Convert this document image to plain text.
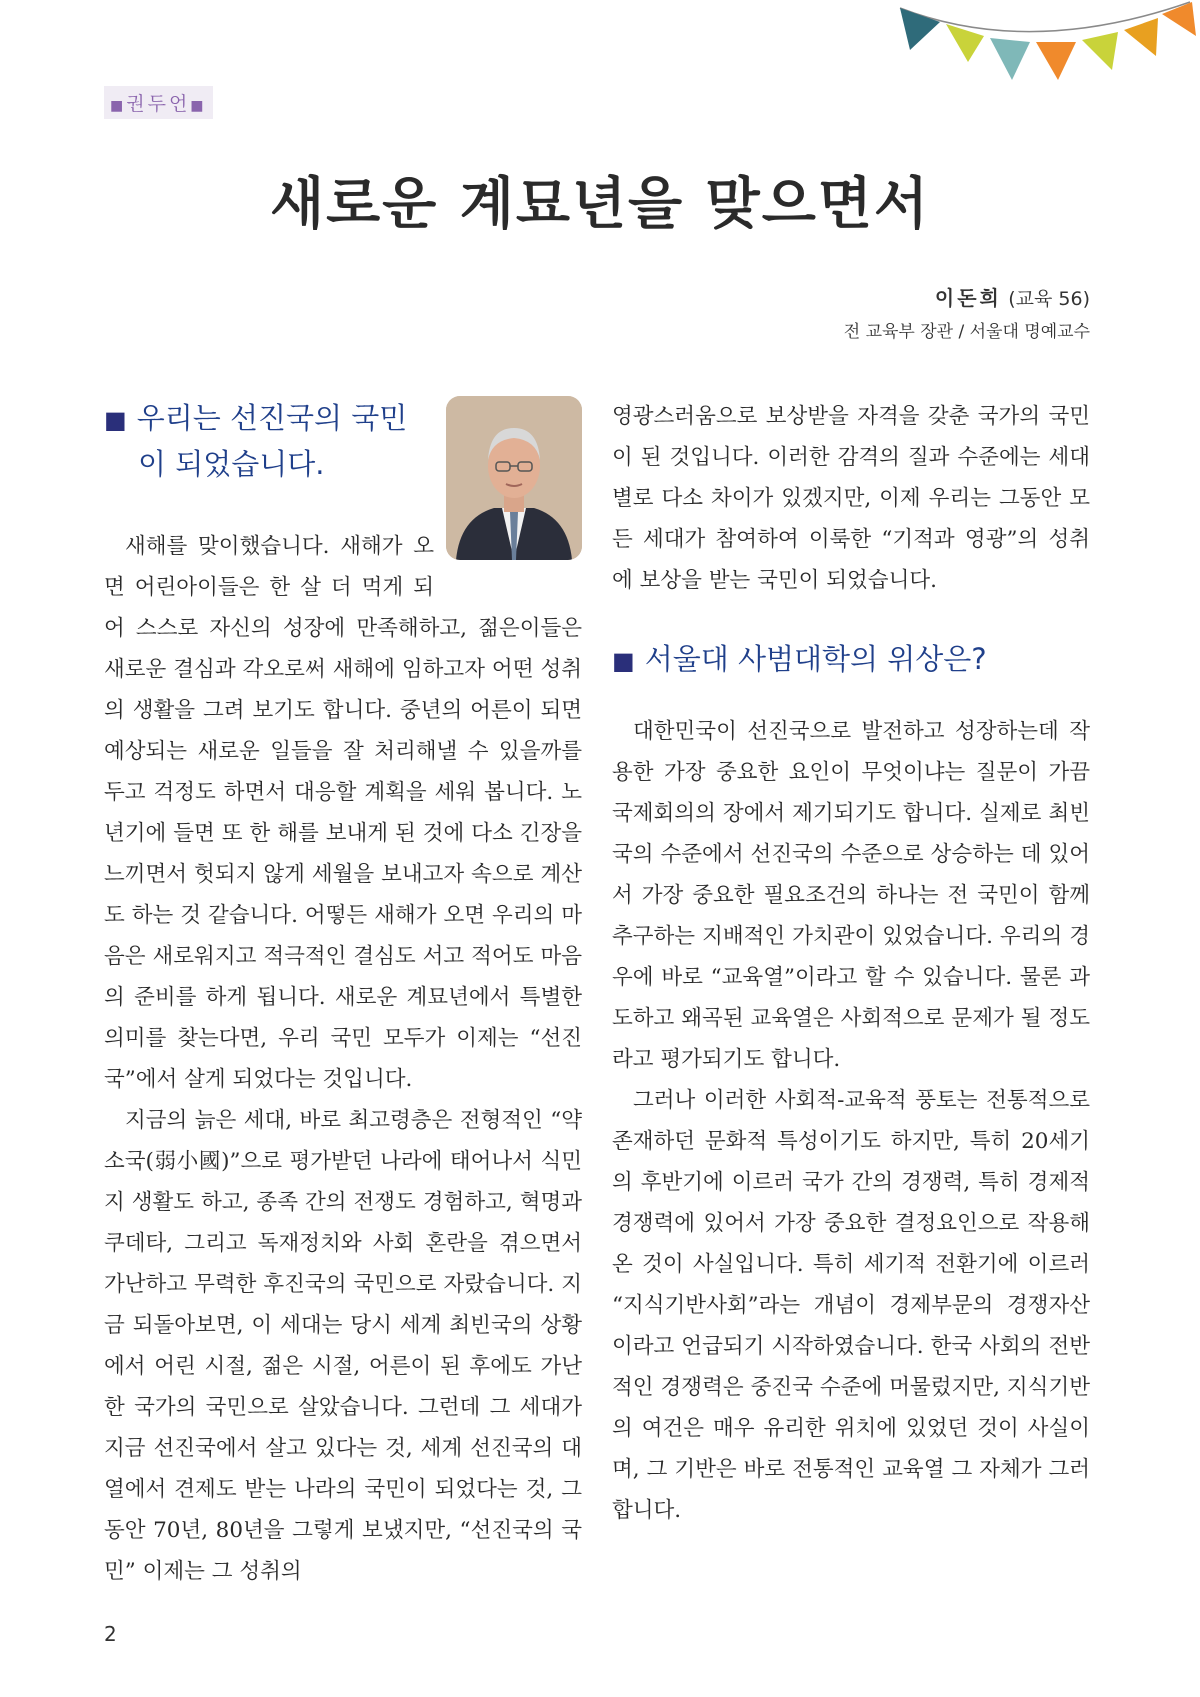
■권두언■
새로운 계묘년을 맞으면서
이돈희 (교육 56)
전 교육부 장관 / 서울대 명예교수
■ 우리는 선진국의 국민이 되었습니다.

새해를 맞이했습니다. 새해가 오면 어린아이들은 한 살 더 먹게 되어 스스로 자신의 성장에 만족해하고, 젊은이들은 새로운 결심과 각오로써 새해에 임하고자 어떤 성취의 생활을 그려 보기도 합니다. 중년의 어른이 되면 예상되는 새로운 일들을 잘 처리해낼 수 있을까를 두고 걱정도 하면서 대응할 계획을 세워 봅니다. 노년기에 들면 또 한 해를 보내게 된 것에 다소 긴장을 느끼면서 헛되지 않게 세월을 보내고자 속으로 계산도 하는 것 같습니다. 어떻든 새해가 오면 우리의 마음은 새로워지고 적극적인 결심도 서고 적어도 마음의 준비를 하게 됩니다. 새로운 계묘년에서 특별한 의미를 찾는다면, 우리 국민 모두가 이제는 “선진국”에서 살게 되었다는 것입니다.

지금의 늙은 세대, 바로 최고령층은 전형적인 “약소국(弱小國)”으로 평가받던 나라에 태어나서 식민지 생활도 하고, 종족 간의 전쟁도 경험하고, 혁명과 쿠데타, 그리고 독재정치와 사회 혼란을 겪으면서 가난하고 무력한 후진국의 국민으로 자랐습니다. 지금 되돌아보면, 이 세대는 당시 세계 최빈국의 상황에서 어린 시절, 젊은 시절, 어른이 된 후에도 가난한 국가의 국민으로 살았습니다. 그런데 그 세대가 지금 선진국에서 살고 있다는 것, 세계 선진국의 대열에서 견제도 받는 나라의 국민이 되었다는 것, 그동안 70년, 80년을 그렇게 보냈지만, “선진국의 국민” 이제는 그 성취의

영광스러움으로 보상받을 자격을 갖춘 국가의 국민이 된 것입니다. 이러한 감격의 질과 수준에는 세대별로 다소 차이가 있겠지만, 이제 우리는 그동안 모든 세대가 참여하여 이룩한 “기적과 영광”의 성취에 보상을 받는 국민이 되었습니다.

■ 서울대 사범대학의 위상은?

대한민국이 선진국으로 발전하고 성장하는데 작용한 가장 중요한 요인이 무엇이냐는 질문이 가끔 국제회의의 장에서 제기되기도 합니다. 실제로 최빈국의 수준에서 선진국의 수준으로 상승하는 데 있어서 가장 중요한 필요조건의 하나는 전 국민이 함께 추구하는 지배적인 가치관이 있었습니다. 우리의 경우에 바로 “교육열”이라고 할 수 있습니다. 물론 과도하고 왜곡된 교육열은 사회적으로 문제가 될 정도라고 평가되기도 합니다.

그러나 이러한 사회적-교육적 풍토는 전통적으로 존재하던 문화적 특성이기도 하지만, 특히 20세기의 후반기에 이르러 국가 간의 경쟁력, 특히 경제적 경쟁력에 있어서 가장 중요한 결정요인으로 작용해 온 것이 사실입니다. 특히 세기적 전환기에 이르러 “지식기반사회”라는 개념이 경제부문의 경쟁자산이라고 언급되기 시작하였습니다. 한국 사회의 전반적인 경쟁력은 중진국 수준에 머물렀지만, 지식기반의 여건은 매우 유리한 위치에 있었던 것이 사실이며, 그 기반은 바로 전통적인 교육열 그 자체가 그러합니다.

2
